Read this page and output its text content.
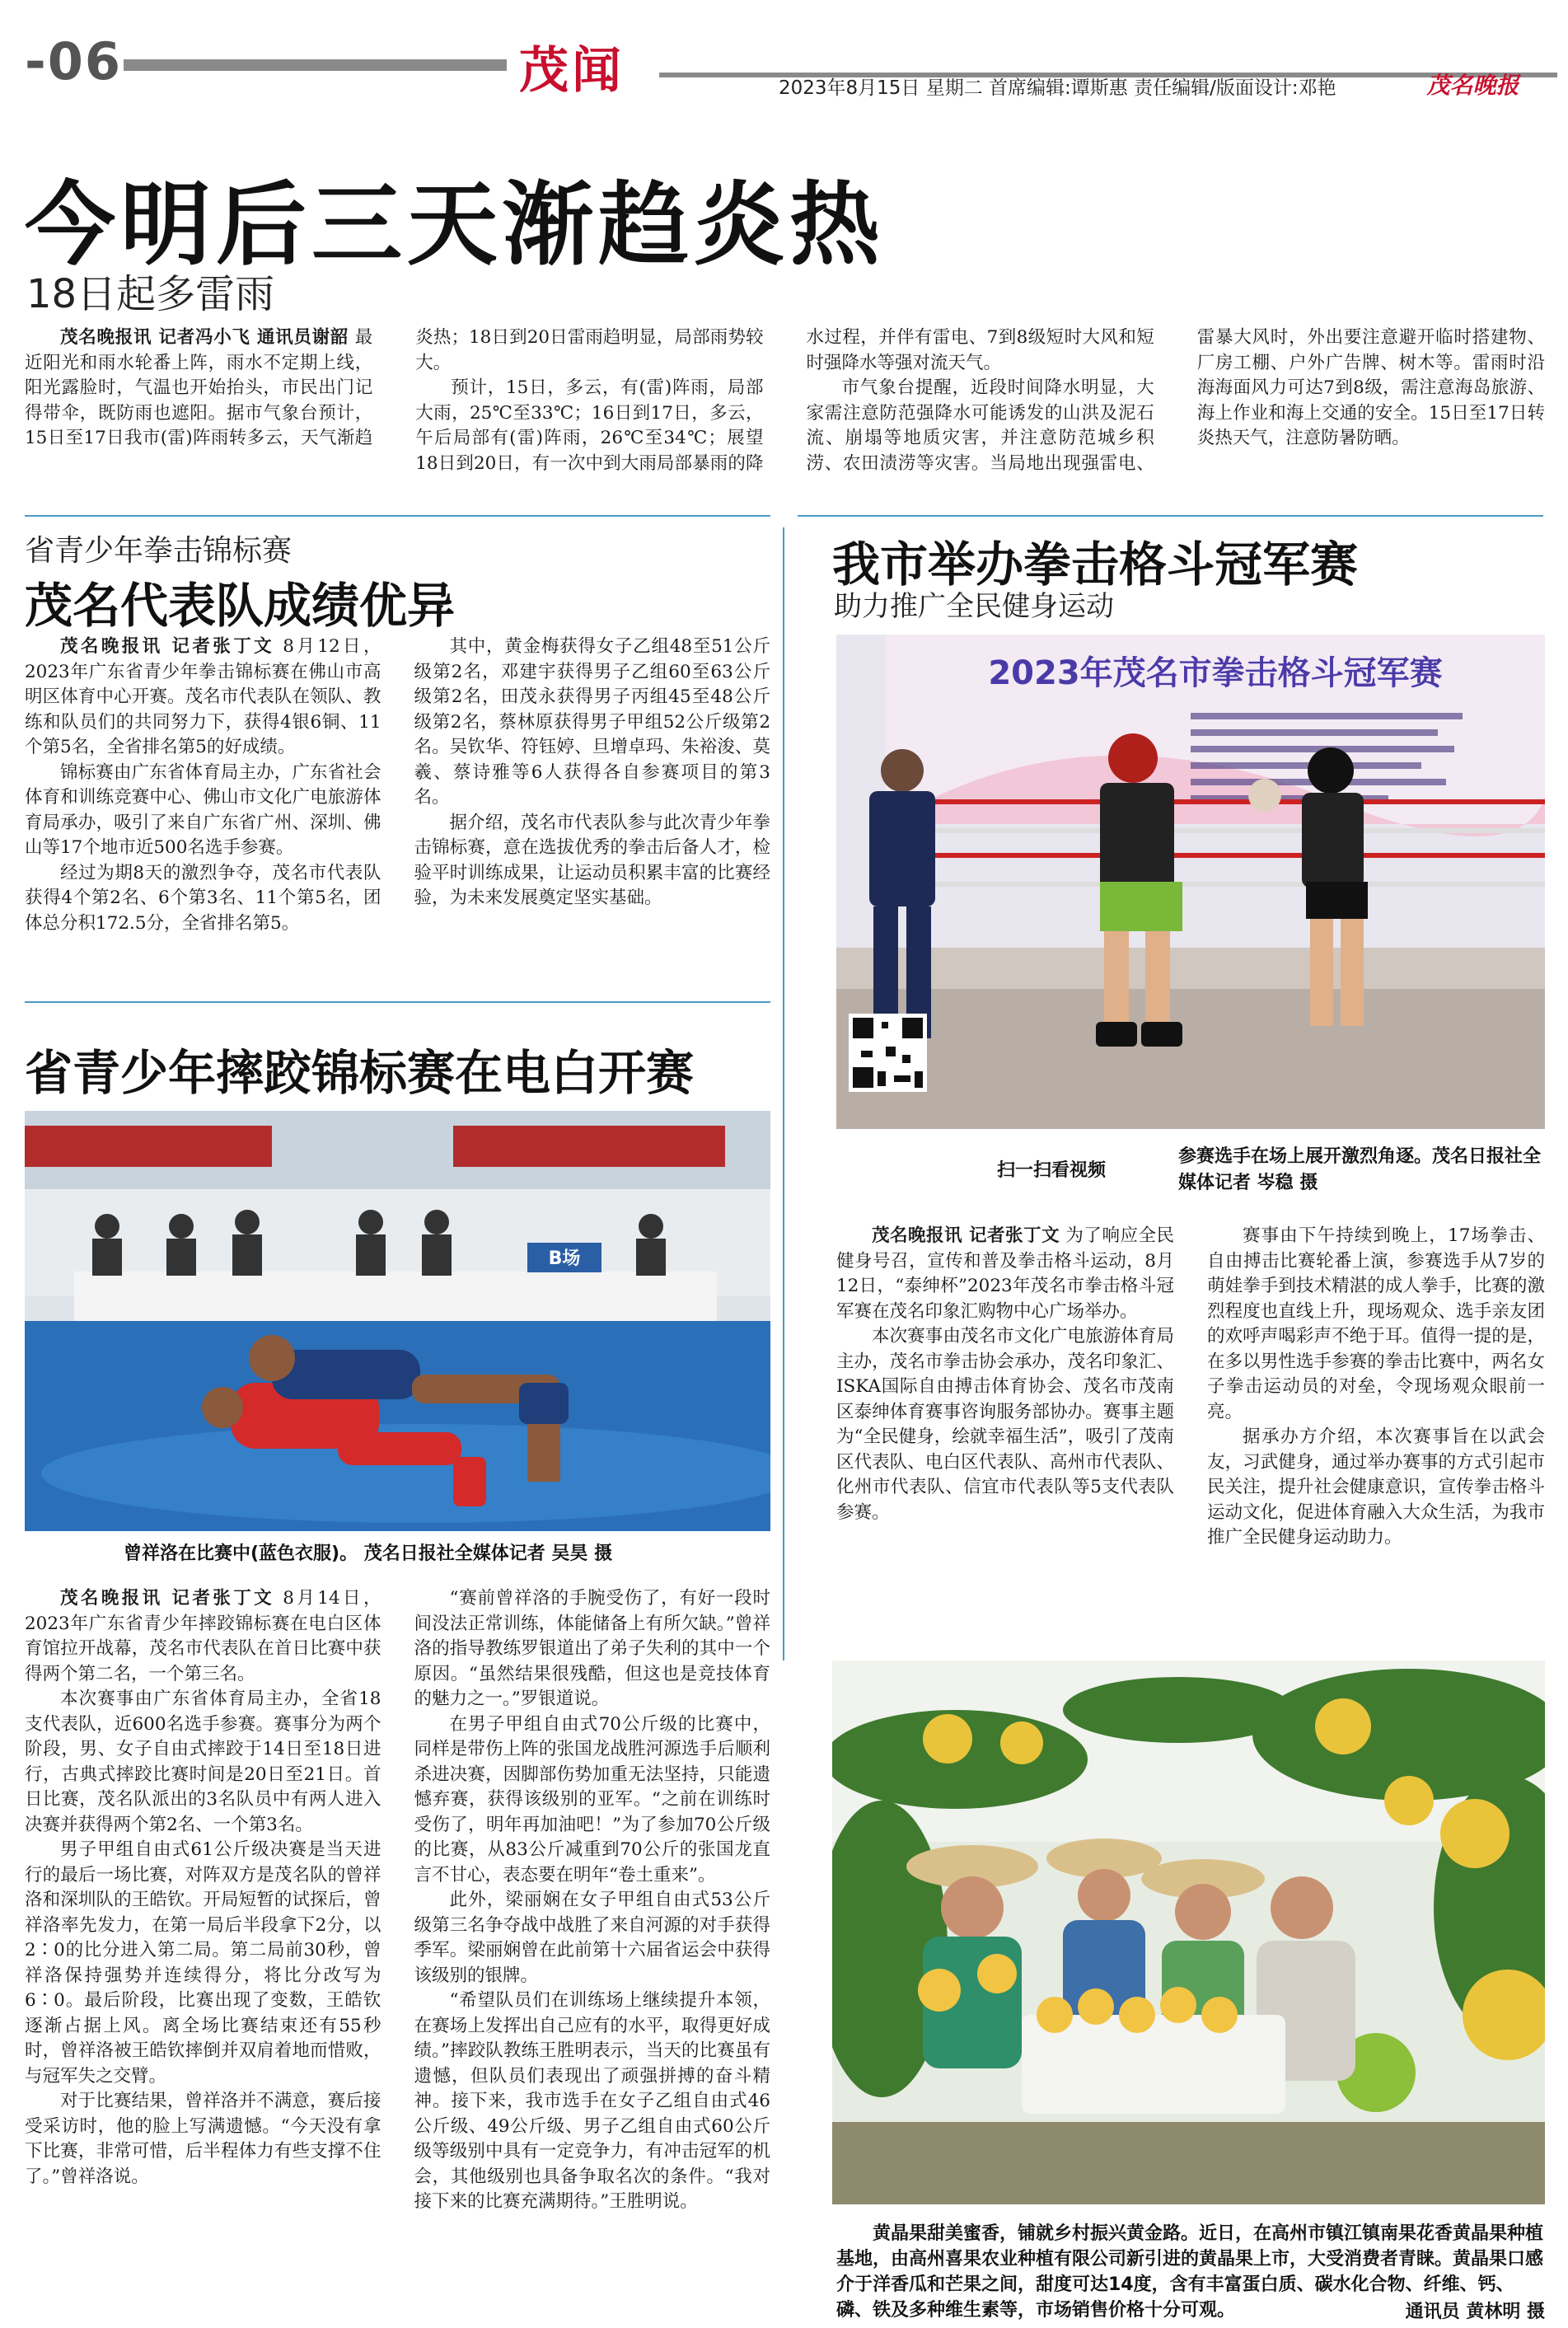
-06	茂闻	2023年8月15日 星期二 首席编辑:谭斯惠 责任编辑/版面设计:邓艳	茂名晚报
今明后三天渐趋炎热
18日起多雷雨

茂名晚报讯 记者冯小飞 通讯员谢韶 最近阳光和雨水轮番上阵，雨水不定期上线，阳光露脸时，气温也开始抬头，市民出门记得带伞，既防雨也遮阳。据市气象台预计，15日至17日我市(雷)阵雨转多云，天气渐趋炎热；18日到20日雷雨趋明显，局部雨势较大。

预计，15日，多云，有(雷)阵雨，局部大雨，25℃至33℃；16日到17日，多云，午后局部有(雷)阵雨，26℃至34℃；展望18日到20日，有一次中到大雨局部暴雨的降水过程，并伴有雷电、7到8级短时大风和短时强降水等强对流天气。

市气象台提醒，近段时间降水明显，大家需注意防范强降水可能诱发的山洪及泥石流、崩塌等地质灾害，并注意防范城乡积涝、农田渍涝等灾害。当局地出现强雷电、雷暴大风时，外出要注意避开临时搭建物、厂房工棚、户外广告牌、树木等。雷雨时沿海海面风力可达7到8级，需注意海岛旅游、海上作业和海上交通的安全。15日至17日转炎热天气，注意防暑防晒。

省青少年拳击锦标赛
茂名代表队成绩优异

茂名晚报讯 记者张丁文 8月12日，2023年广东省青少年拳击锦标赛在佛山市高明区体育中心开赛。茂名市代表队在领队、教练和队员们的共同努力下，获得4银6铜、11个第5名，全省排名第5的好成绩。

锦标赛由广东省体育局主办，广东省社会体育和训练竞赛中心、佛山市文化广电旅游体育局承办，吸引了来自广东省广州、深圳、佛山等17个地市近500名选手参赛。

经过为期8天的激烈争夺，茂名市代表队获得4个第2名、6个第3名、11个第5名，团体总分积172.5分，全省排名第5。

其中，黄金梅获得女子乙组48至51公斤级第2名，邓建宇获得男子乙组60至63公斤级第2名，田茂永获得男子丙组45至48公斤级第2名，蔡林原获得男子甲组52公斤级第2名。吴钦华、符钰婷、旦增卓玛、朱裕浚、莫羲、蔡诗雅等6人获得各自参赛项目的第3名。

据介绍，茂名市代表队参与此次青少年拳击锦标赛，意在选拔优秀的拳击后备人才，检验平时训练成果，让运动员积累丰富的比赛经验，为未来发展奠定坚实基础。

省青少年摔跤锦标赛在电白开赛
B场
曾祥洛在比赛中(蓝色衣服)。 茂名日报社全媒体记者 吴昊 摄

茂名晚报讯 记者张丁文 8月14日，2023年广东省青少年摔跤锦标赛在电白区体育馆拉开战幕，茂名市代表队在首日比赛中获得两个第二名，一个第三名。

本次赛事由广东省体育局主办，全省18支代表队，近600名选手参赛。赛事分为两个阶段，男、女子自由式摔跤于14日至18日进行，古典式摔跤比赛时间是20日至21日。首日比赛，茂名队派出的3名队员中有两人进入决赛并获得两个第2名、一个第3名。

男子甲组自由式61公斤级决赛是当天进行的最后一场比赛，对阵双方是茂名队的曾祥洛和深圳队的王皓钦。开局短暂的试探后，曾祥洛率先发力，在第一局后半段拿下2分，以2∶0的比分进入第二局。第二局前30秒，曾祥洛保持强势并连续得分，将比分改写为6∶0。最后阶段，比赛出现了变数，王皓钦逐渐占据上风。离全场比赛结束还有55秒时，曾祥洛被王皓钦摔倒并双肩着地而惜败，与冠军失之交臂。

对于比赛结果，曾祥洛并不满意，赛后接受采访时，他的脸上写满遗憾。“今天没有拿下比赛，非常可惜，后半程体力有些支撑不住了。”曾祥洛说。

“赛前曾祥洛的手腕受伤了，有好一段时间没法正常训练，体能储备上有所欠缺。”曾祥洛的指导教练罗银道出了弟子失利的其中一个原因。“虽然结果很残酷，但这也是竞技体育的魅力之一。”罗银道说。

在男子甲组自由式70公斤级的比赛中，同样是带伤上阵的张国龙战胜河源选手后顺利杀进决赛，因脚部伤势加重无法坚持，只能遗憾弃赛，获得该级别的亚军。“之前在训练时受伤了，明年再加油吧！”为了参加70公斤级的比赛，从83公斤减重到70公斤的张国龙直言不甘心，表态要在明年“卷土重来”。

此外，梁丽娴在女子甲组自由式53公斤级第三名争夺战中战胜了来自河源的对手获得季军。梁丽娴曾在此前第十六届省运会中获得该级别的银牌。

“希望队员们在训练场上继续提升本领，在赛场上发挥出自己应有的水平，取得更好成绩。”摔跤队教练王胜明表示，当天的比赛虽有遗憾，但队员们表现出了顽强拼搏的奋斗精神。接下来，我市选手在女子乙组自由式46公斤级、49公斤级、男子乙组自由式60公斤级等级别中具有一定竞争力，有冲击冠军的机会，其他级别也具备争取名次的条件。“我对接下来的比赛充满期待。”王胜明说。

我市举办拳击格斗冠军赛
助力推广全民健身运动
2023年茂名市拳击格斗冠军赛
扫一扫看视频
参赛选手在场上展开激烈角逐。茂名日报社全媒体记者 岑稳 摄

茂名晚报讯 记者张丁文 为了响应全民健身号召，宣传和普及拳击格斗运动，8月12日，“泰绅杯”2023年茂名市拳击格斗冠军赛在茂名印象汇购物中心广场举办。

本次赛事由茂名市文化广电旅游体育局主办，茂名市拳击协会承办，茂名印象汇、ISKA国际自由搏击体育协会、茂名市茂南区泰绅体育赛事咨询服务部协办。赛事主题为“全民健身，绘就幸福生活”，吸引了茂南区代表队、电白区代表队、高州市代表队、化州市代表队、信宜市代表队等5支代表队参赛。

赛事由下午持续到晚上，17场拳击、自由搏击比赛轮番上演，参赛选手从7岁的萌娃拳手到技术精湛的成人拳手，比赛的激烈程度也直线上升，现场观众、选手亲友团的欢呼声喝彩声不绝于耳。值得一提的是，在多以男性选手参赛的拳击比赛中，两名女子拳击运动员的对垒，令现场观众眼前一亮。

据承办方介绍，本次赛事旨在以武会友，习武健身，通过举办赛事的方式引起市民关注，提升社会健康意识，宣传拳击格斗运动文化，促进体育融入大众生活，为我市推广全民健身运动助力。

黄晶果甜美蜜香，铺就乡村振兴黄金路。近日，在高州市镇江镇南果花香黄晶果种植基地，由高州喜果农业种植有限公司新引进的黄晶果上市，大受消费者青睐。黄晶果口感介于洋香瓜和芒果之间，甜度可达14度，含有丰富蛋白质、碳水化合物、纤维、钙、磷、铁及多种维生素等，市场销售价格十分可观。	通讯员 黄林明 摄
